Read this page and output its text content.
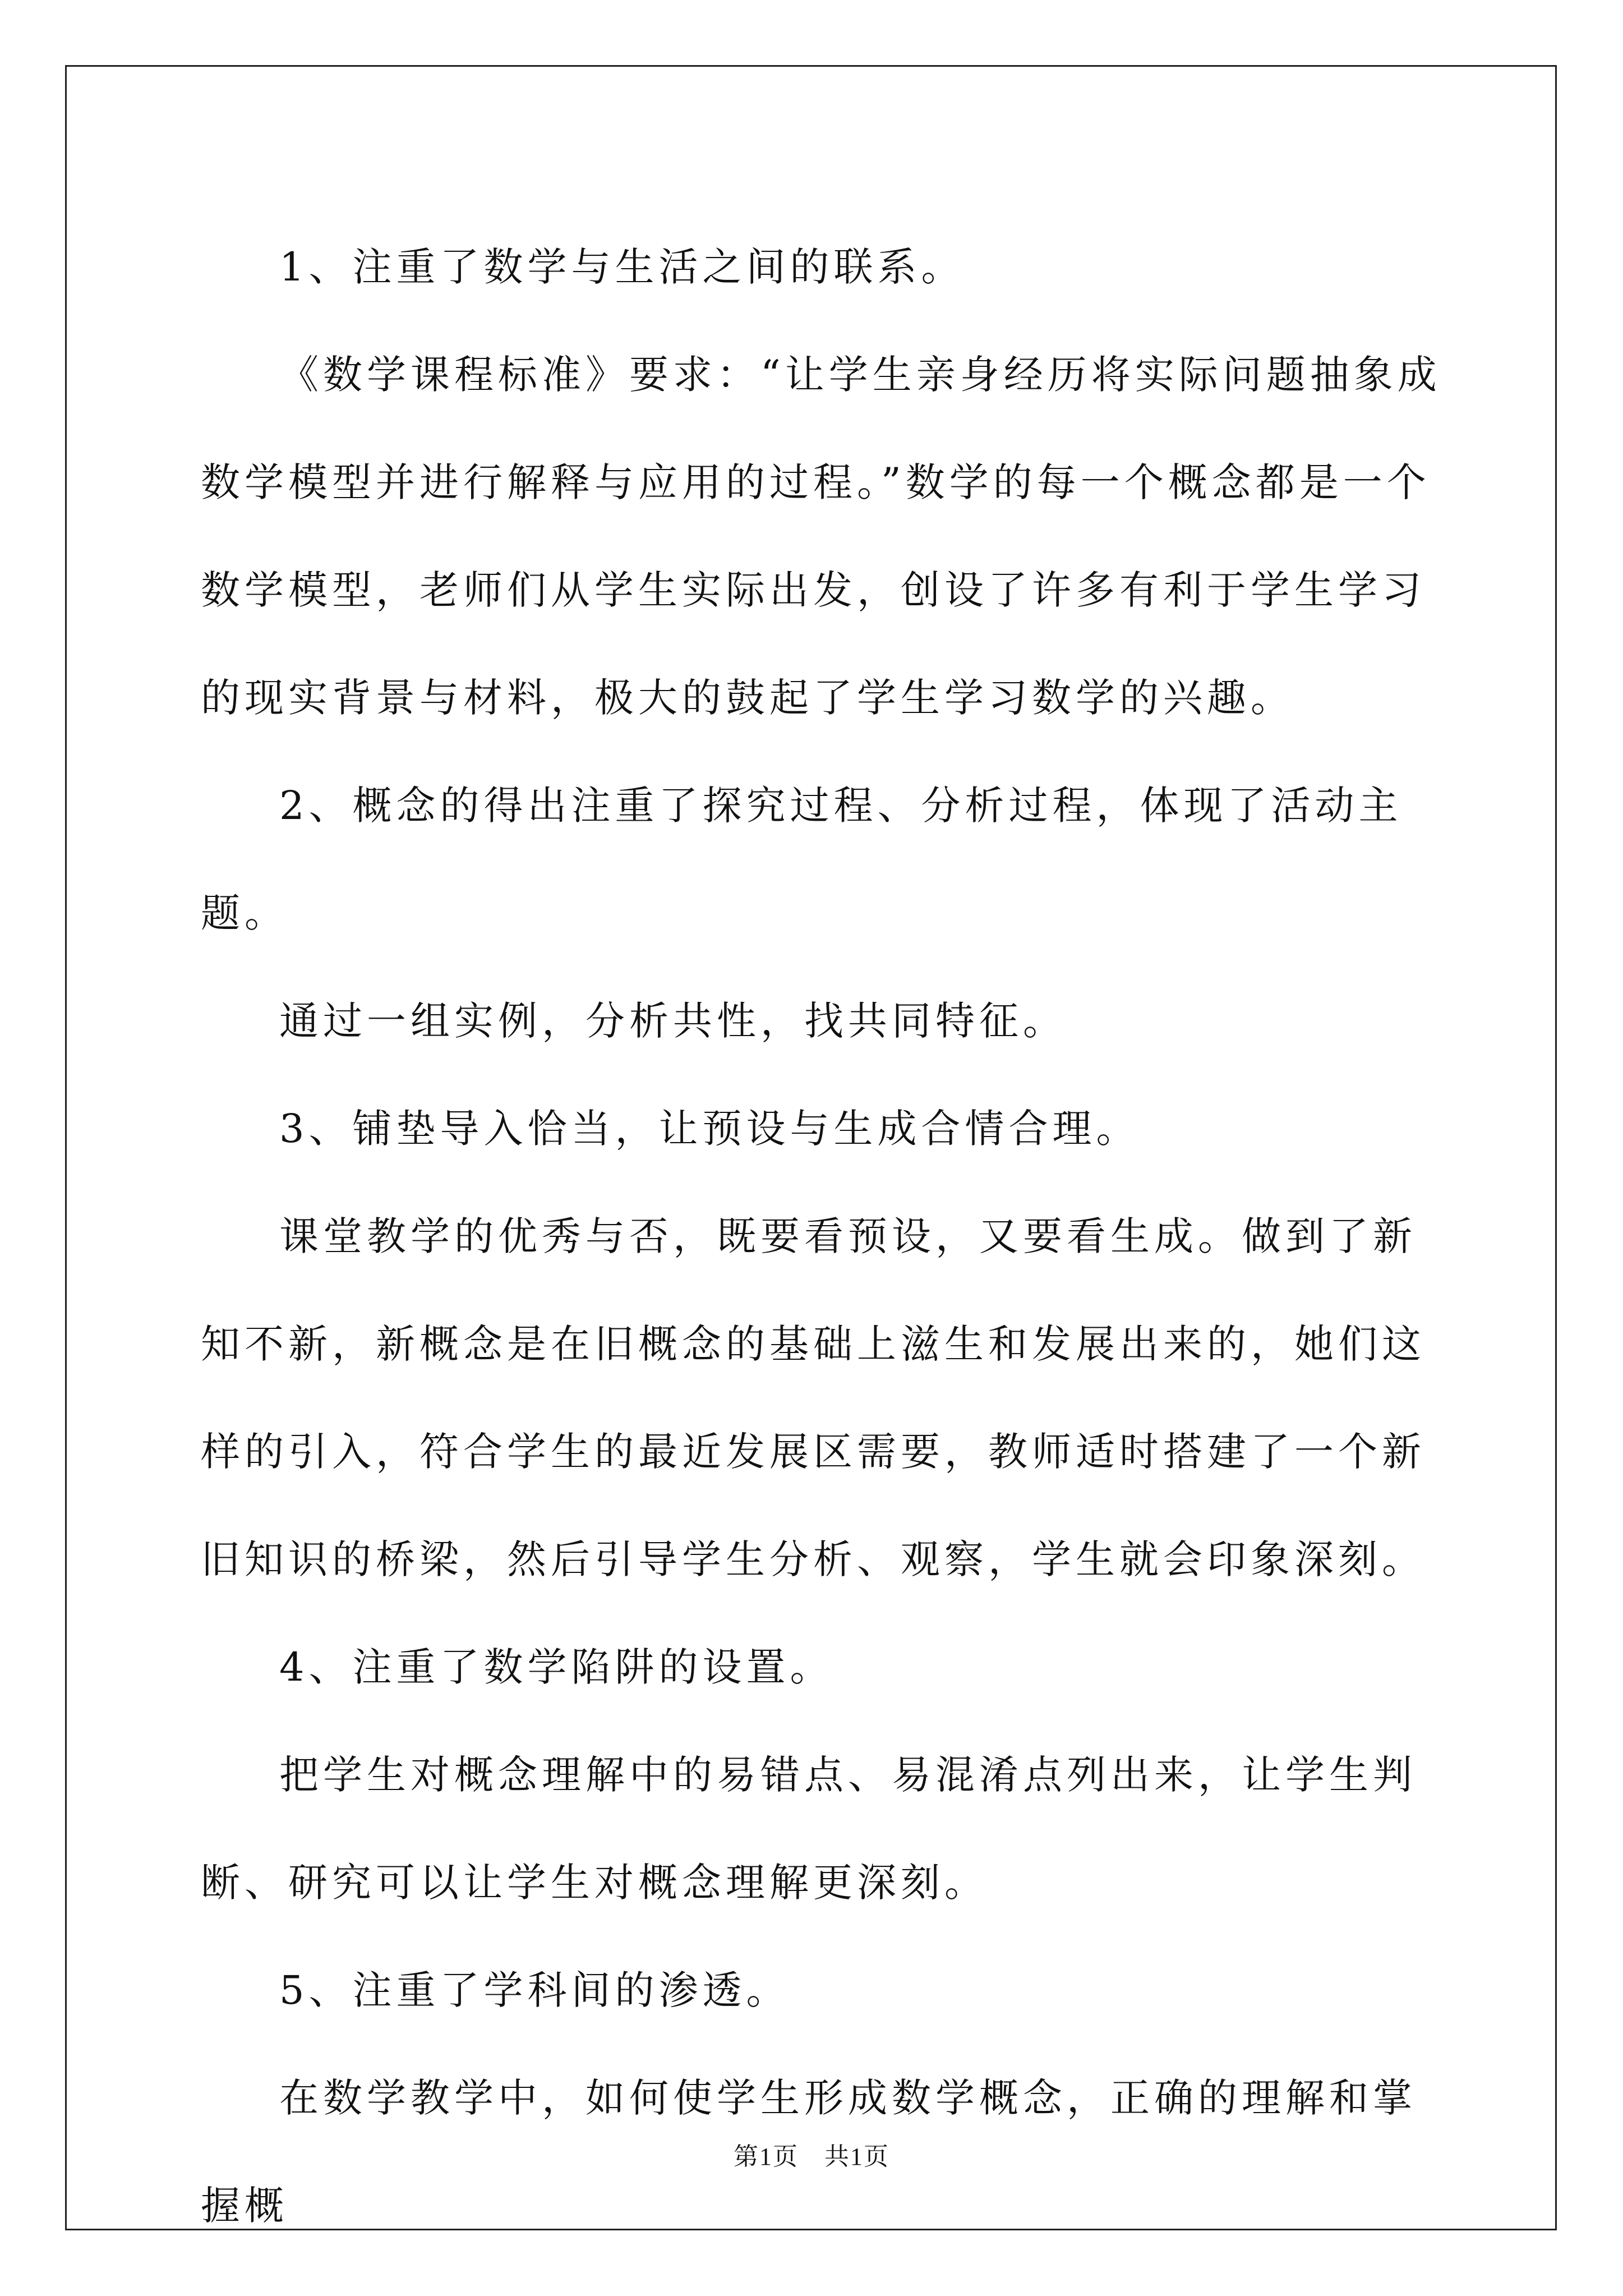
1、注重了数学与生活之间的联系。

《数学课程标准》要求：“让学生亲身经历将实际问题抽象成数学模型并进行解释与应用的过程。”数学的每一个概念都是一个数学模型，老师们从学生实际出发，创设了许多有利于学生学习的现实背景与材料，极大的鼓起了学生学习数学的兴趣。

2、概念的得出注重了探究过程、分析过程，体现了活动主题。

通过一组实例，分析共性，找共同特征。

3、铺垫导入恰当，让预设与生成合情合理。

课堂教学的优秀与否，既要看预设，又要看生成。做到了新知不新，新概念是在旧概念的基础上滋生和发展出来的，她们这样的引入，符合学生的最近发展区需要，教师适时搭建了一个新旧知识的桥梁，然后引导学生分析、观察，学生就会印象深刻。

4、注重了数学陷阱的设置。

把学生对概念理解中的易错点、易混淆点列出来，让学生判断、研究可以让学生对概念理解更深刻。

5、注重了学科间的渗透。

在数学教学中，如何使学生形成数学概念，正确的理解和掌握概

第1页　共1页
